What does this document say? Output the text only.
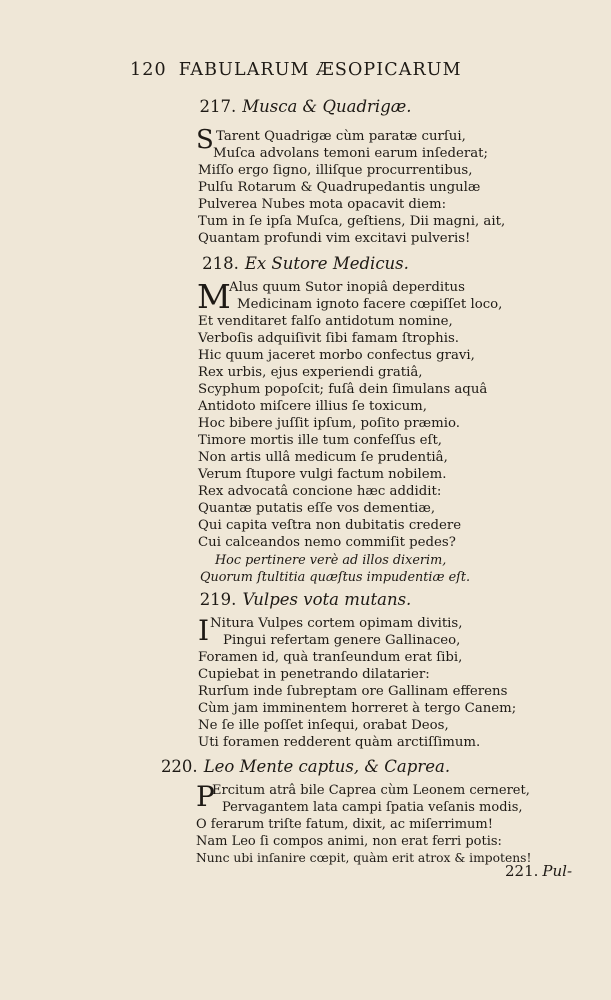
120 FABULARUM ÆSOPICARUM
217. Musca & Quadrigæ.
S Tarent Quadrigæ cùm paratæ curſui,
Muſca advolans temoni earum inſederat;
Miſſo ergo ſigno, illiſque procurrentibus,
Pulſu Rotarum & Quadrupedantis ungulæ
Pulverea Nubes mota opacavit diem:
Tum in ſe ipſa Muſca, geſtiens, Dii magni, ait,
Quantam profundi vim excitavi pulveris!
218. Ex Sutore Medicus.
M
Alus quum Sutor inopiâ deperditus
Medicinam ignoto facere cœpiſſet loco,
Et venditaret falſo antidotum nomine,
Verboſis adquiſivit ſibi famam ſtrophis.
Hic quum jaceret morbo confectus gravi,
Rex urbis, ejus experiendi gratiâ,
Scyphum popoſcit; fuſâ dein ſimulans aquâ
Antidoto miſcere illius ſe toxicum,
Hoc bibere juſſit ipſum, poſito præmio.
Timore mortis ille tum confeſſus eſt,
Non artis ullâ medicum ſe prudentiâ,
Verum ſtupore vulgi factum nobilem.
Rex advocatâ concione hæc addidit:
Quantæ putatis eſſe vos dementiæ,
Qui capita veſtra non dubitatis credere
Cui calceandos nemo commiſit pedes?
Hoc pertinere verè ad illos dixerim,
Quorum ſtultitia quæſtus impudentiæ eſt.
219. Vulpes vota mutans.
I Nitura Vulpes cortem opimam divitis,
Pingui refertam genere Gallinaceo,
Foramen id, quà tranſeundum erat ſibi,
Cupiebat in penetrando dilatarier:
Rurſum inde ſubreptam ore Gallinam efferens
Cùm jam imminentem horreret à tergo Canem;
Ne ſe ille poſſet inſequi, orabat Deos,
Uti foramen redderent quàm arctiſſimum.
220. Leo Mente captus, & Caprea.
P
Ercitum atrâ bile Caprea cùm Leonem cerneret,
Pervagantem lata campi ſpatia veſanis modis,
O ferarum triſte fatum, dixit, ac miſerrimum!
Nam Leo ſi compos animi, non erat ferri potis:
Nunc ubi inſanire cœpit, quàm erit atrox & impotens!
221. Pul-
